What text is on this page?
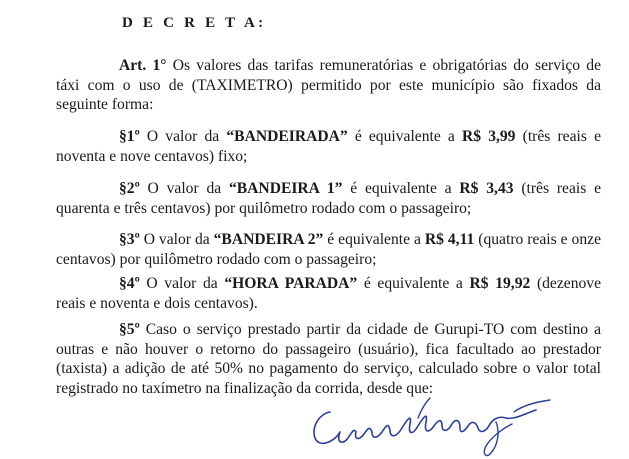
D E C R E T A:

Art. 1° Os valores das tarifas remuneratórias e obrigatórias do serviço de táxi com o uso de (TAXIMETRO) permitido por este município são fixados da seguinte forma:

§1º O valor da “BANDEIRADA” é equivalente a R$ 3,99 (três reais e noventa e nove centavos) fixo;

§2º O valor da “BANDEIRA 1” é equivalente a R$ 3,43 (três reais e quarenta e três centavos) por quilômetro rodado com o passageiro;

§3º O valor da “BANDEIRA 2” é equivalente a R$ 4,11 (quatro reais e onze centavos) por quilômetro rodado com o passageiro;

§4º O valor da “HORA PARADA” é equivalente a R$ 19,92 (dezenove reais e noventa e dois centavos).

§5º Caso o serviço prestado partir da cidade de Gurupi-TO com destino a outras e não houver o retorno do passageiro (usuário), fica facultado ao prestador (taxista) a adição de até 50% no pagamento do serviço, calculado sobre o valor total registrado no taxímetro na finalização da corrida, desde que:
